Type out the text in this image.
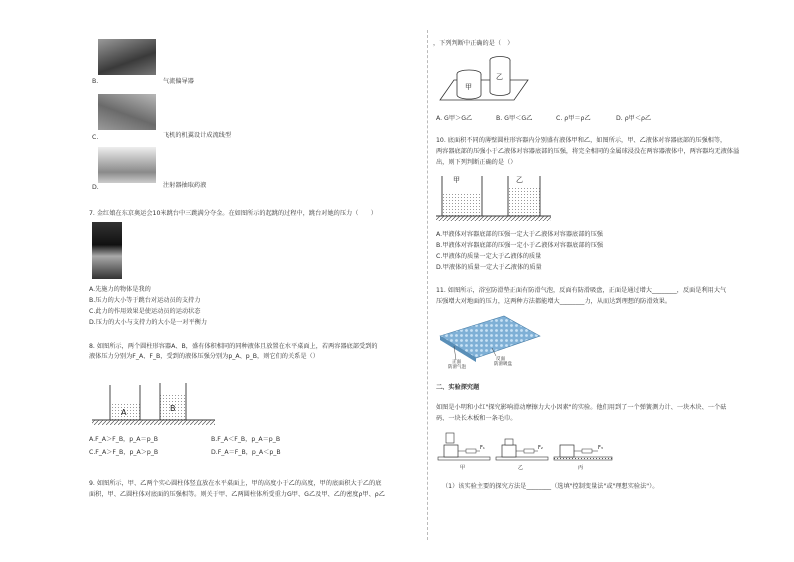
B.	气流偏导器
C.	飞机的机翼设计成流线型
D.	注射器抽取药液
7. 金红娘在东京奥运会10米跳台中三跳满分夺金。在如图所示的起跳的过程中，跳台对她的压力（　　）
A.先施力的物体是我的
B.压力的大小等于跳台对运动员的支持力
C.此力的作用效果是使运动员的运动状态
D.压力的大小与支持力的大小是一对平衡力
8. 如图所示，两个圆柱形容器A、B，盛有体积相同的同种液体且放置在水平桌面上，若两容器底部受到的
液体压力分别为F_A、F_B，受到的液体压强分别为p_A、p_B，则它们的关系是（）
A	B
A.F_A＞F_B，p_A＝p_B	B.F_A＜F_B，p_A＝p_B
C.F_A＞F_B，p_A＞p_B	D.F_A＝F_B，p_A＜p_B
9. 如图所示，甲、乙两个实心圆柱体竖直放在水平桌面上，甲的高度小于乙的高度，甲的底面积大于乙的底
面积，甲、乙圆柱体对底面的压强相等。则关于甲、乙两圆柱体所受重力G甲、G乙及甲、乙的密度ρ甲、ρ乙
，下列判断中正确的是（　）
甲
乙
A. G甲＞G乙	B. G甲＜G乙	C. ρ甲＝ρ乙	D. ρ甲＜ρ乙
10. 底面积不同的薄壁圆柱形容器内分别盛有液体甲和乙，如图所示，甲、乙液体对容器底部的压强相等，
两容器底部的压强小于乙液体对容器底部的压强，将完全相同的金属球浸没在两容器液体中，两容器均无液体溢
出，则下列判断正确的是（）
甲	乙
A.甲液体对容器底部的压强一定大于乙液体对容器底部的压强
B.甲液体对容器底部的压强一定小于乙液体对容器底部的压强
C.甲液体的质量一定大于乙液体的质量
D.甲液体的质量一定大于乙液体的质量
11. 如图所示，浴室防滑垫正面有防滑气泡，反面有防滑吸盘，正面是通过增大________，反面是利用大气
压强增大对地面的压力，这两种方法都能增大________力，从而达到理想的防滑效果。
正面
防滑气泡
反面
防滑吸盘
二、实验探究题
如图是小明和小红"探究影响滑动摩擦力大小因素"的实验。他们用到了一个弹簧测力计、一块木块、一个砝
码、一块长木板和一条毛巾。
F₁
甲
F₂
乙
F₃
丙
（1）该实验主要的探究方法是________（选填"控制变量法"或"理想实验法"）。
